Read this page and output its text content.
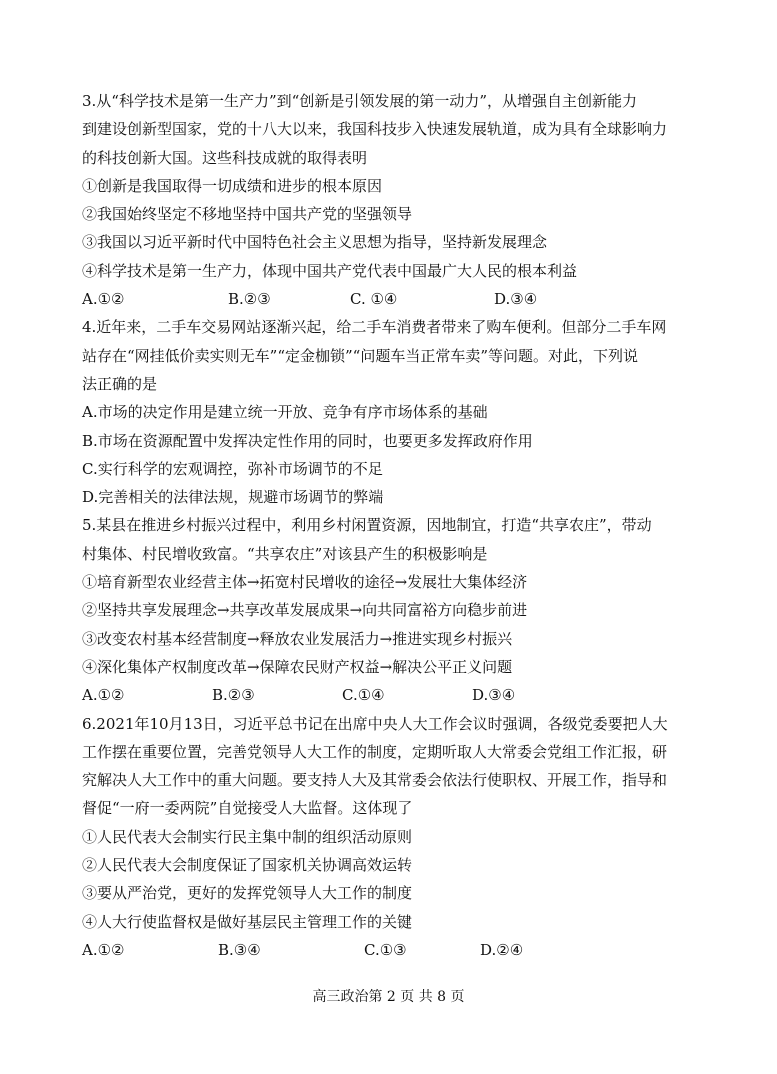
3.从“科学技术是第一生产力”到“创新是引领发展的第一动力”，从增强自主创新能力
到建设创新型国家，党的十八大以来，我国科技步入快速发展轨道，成为具有全球影响力
的科技创新大国。这些科技成就的取得表明
①创新是我国取得一切成绩和进步的根本原因
②我国始终坚定不移地坚持中国共产党的坚强领导
③我国以习近平新时代中国特色社会主义思想为指导，坚持新发展理念
④科学技术是第一生产力，体现中国共产党代表中国最广大人民的根本利益
A.①②	B.②③	C. ①④	D.③④
4.近年来，二手车交易网站逐渐兴起，给二手车消费者带来了购车便利。但部分二手车网
站存在“网挂低价卖实则无车”“定金枷锁”“问题车当正常车卖”等问题。对此，下列说
法正确的是
A.市场的决定作用是建立统一开放、竞争有序市场体系的基础
B.市场在资源配置中发挥决定性作用的同时，也要更多发挥政府作用
C.实行科学的宏观调控，弥补市场调节的不足
D.完善相关的法律法规，规避市场调节的弊端
5.某县在推进乡村振兴过程中，利用乡村闲置资源，因地制宜，打造“共享农庄”，带动
村集体、村民增收致富。“共享农庄”对该县产生的积极影响是
①培育新型农业经营主体→拓宽村民增收的途径→发展壮大集体经济
②坚持共享发展理念→共享改革发展成果→向共同富裕方向稳步前进
③改变农村基本经营制度→释放农业发展活力→推进实现乡村振兴
④深化集体产权制度改革→保障农民财产权益→解决公平正义问题
A.①②	B.②③	C.①④	D.③④
6.2021年10月13日，习近平总书记在出席中央人大工作会议时强调，各级党委要把人大
工作摆在重要位置，完善党领导人大工作的制度，定期听取人大常委会党组工作汇报，研
究解决人大工作中的重大问题。要支持人大及其常委会依法行使职权、开展工作，指导和
督促“一府一委两院”自觉接受人大监督。这体现了
①人民代表大会制实行民主集中制的组织活动原则
②人民代表大会制度保证了国家机关协调高效运转
③要从严治党，更好的发挥党领导人大工作的制度
④人大行使监督权是做好基层民主管理工作的关键
A.①②	B.③④	C.①③	D.②④
高三政治第 2 页 共 8 页
